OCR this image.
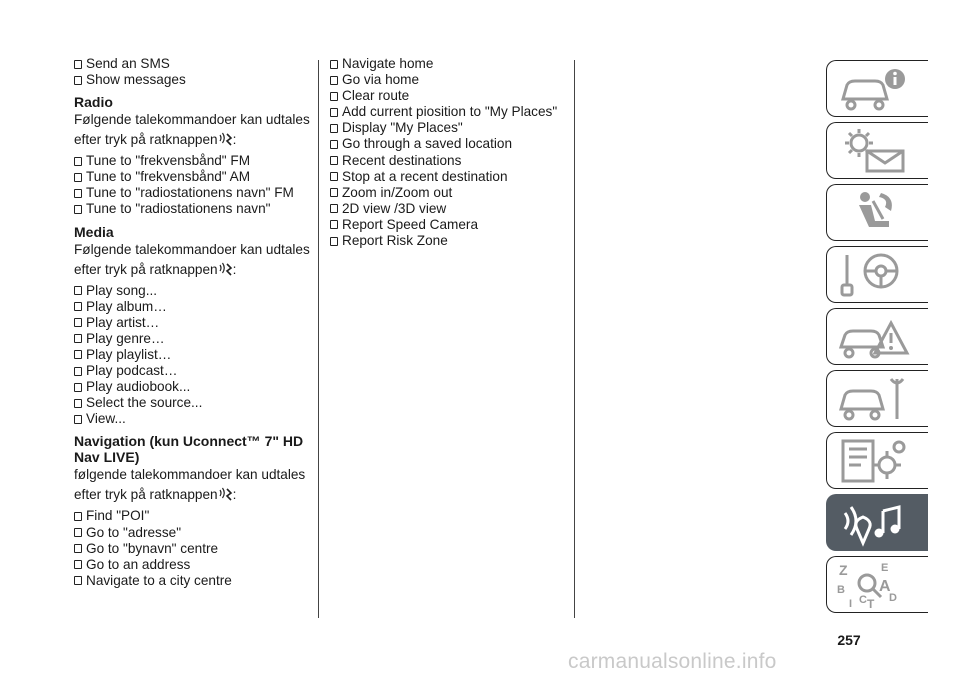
Send an SMS
Show messages
Radio
Følgende talekommandoer kan udtales
efter tryk på ratknappen :
Tune to "frekvensbånd" FM
Tune to "frekvensbånd" AM
Tune to "radiostationens navn" FM
Tune to "radiostationens navn"
Media
Følgende talekommandoer kan udtales
efter tryk på ratknappen :
Play song...
Play album…
Play artist…
Play genre…
Play playlist…
Play podcast…
Play audiobook...
Select the source...
View...
Navigation (kun Uconnect™ 7" HD
Nav LIVE)
følgende talekommandoer kan udtales
efter tryk på ratknappen :
Find "POI"
Go to "adresse"
Go to "bynavn" centre
Go to an address
Navigate to a city centre
Navigate home
Go via home
Clear route
Add current piosition to "My Places"
Display "My Places"
Go through a saved location
Recent destinations
Stop at a recent destination
Zoom in/Zoom out
2D view /3D view
Report Speed Camera
Report Risk Zone
Z	E
B A
C D
I T
257
carmanualsonline.info
